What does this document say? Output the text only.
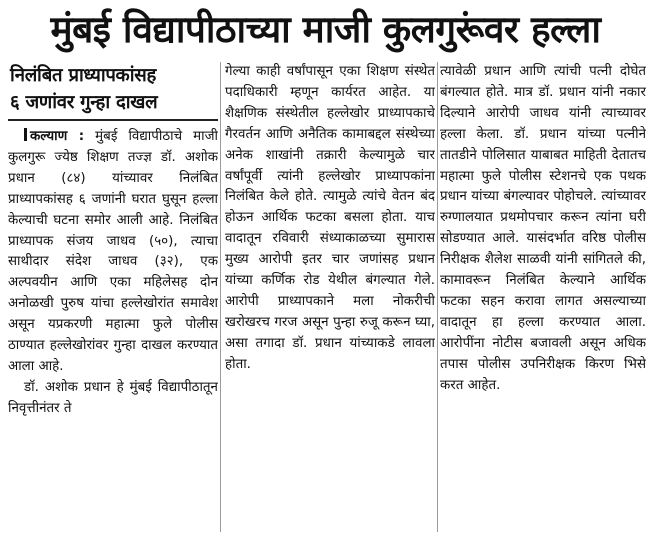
मुंबई विद्यापीठाच्या माजी कुलगुरूंवर हल्ला
निलंबित प्राध्यापकांसह
६ जणांवर गुन्हा दाखल

कल्याण : मुंबई विद्यापीठाचे माजी कुलगुरू ज्येष्ठ शिक्षण तज्ज्ञ डॉ. अशोक प्रधान (८४) यांच्यावर निलंबित प्राध्यापकांसह ६ जणांनी घरात घुसून हल्ला केल्याची घटना समोर आली आहे. निलंबित प्राध्यापक संजय जाधव (५०), त्याचा साथीदार संदेश जाधव (३२), एक अल्पवयीन आणि एका महिलेसह दोन अनोळखी पुरुष यांचा हल्लेखोरांत समावेश असून यप्रकरणी महात्मा फुले पोलीस ठाण्यात हल्लेखोरांवर गुन्हा दाखल करण्यात आला आहे.

डॉ. अशोक प्रधान हे मुंबई विद्यापीठातून निवृत्तीनंतर ते

गेल्या काही वर्षांपासून एका शिक्षण संस्थेत पदाधिकारी म्हणून कार्यरत आहेत. या शैक्षणिक संस्थेतील हल्लेखोर प्राध्यापकाचे गैरवर्तन आणि अनैतिक कामाबद्दल संस्थेच्या अनेक शाखांनी तक्रारी केल्यामुळे चार वर्षांपूर्वी त्यांनी हल्लेखोर प्राध्यापकांना निलंबित केले होते. त्यामुळे त्यांचे वेतन बंद होऊन आर्थिक फटका बसला होता. याच वादातून रविवारी संध्याकाळच्या सुमारास मुख्य आरोपी इतर चार जणांसह प्रधान यांच्या कर्णिक रोड येथील बंगल्यात गेले. आरोपी प्राध्यापकाने मला नोकरीची खरोखरच गरज असून पुन्हा रुजू करून घ्या, असा तगादा डॉ. प्रधान यांच्याकडे लावला होता.

त्यावेळी प्रधान आणि त्यांची पत्नी दोघेत बंगल्यात होते. मात्र डॉ. प्रधान यांनी नकार दिल्याने आरोपी जाधव यांनी त्याच्यावर हल्ला केला. डॉ. प्रधान यांच्या पत्नीने तातडीने पोलिसात याबाबत माहिती देतातच महात्मा फुले पोलीस स्टेशनचे एक पथक प्रधान यांच्या बंगल्यावर पोहोचले. त्यांच्यावर रुग्णालयात प्रथमोपचार करून त्यांना घरी सोडण्यात आले. यासंदर्भात वरिष्ठ पोलीस निरीक्षक शैलेश साळवी यांनी सांगितले की, कामावरून निलंबित केल्याने आर्थिक फटका सहन करावा लागत असल्याच्या वादातून हा हल्ला करण्यात आला. आरोपींना नोटीस बजावली असून अधिक तपास पोलीस उपनिरीक्षक किरण भिसे करत आहेत.
